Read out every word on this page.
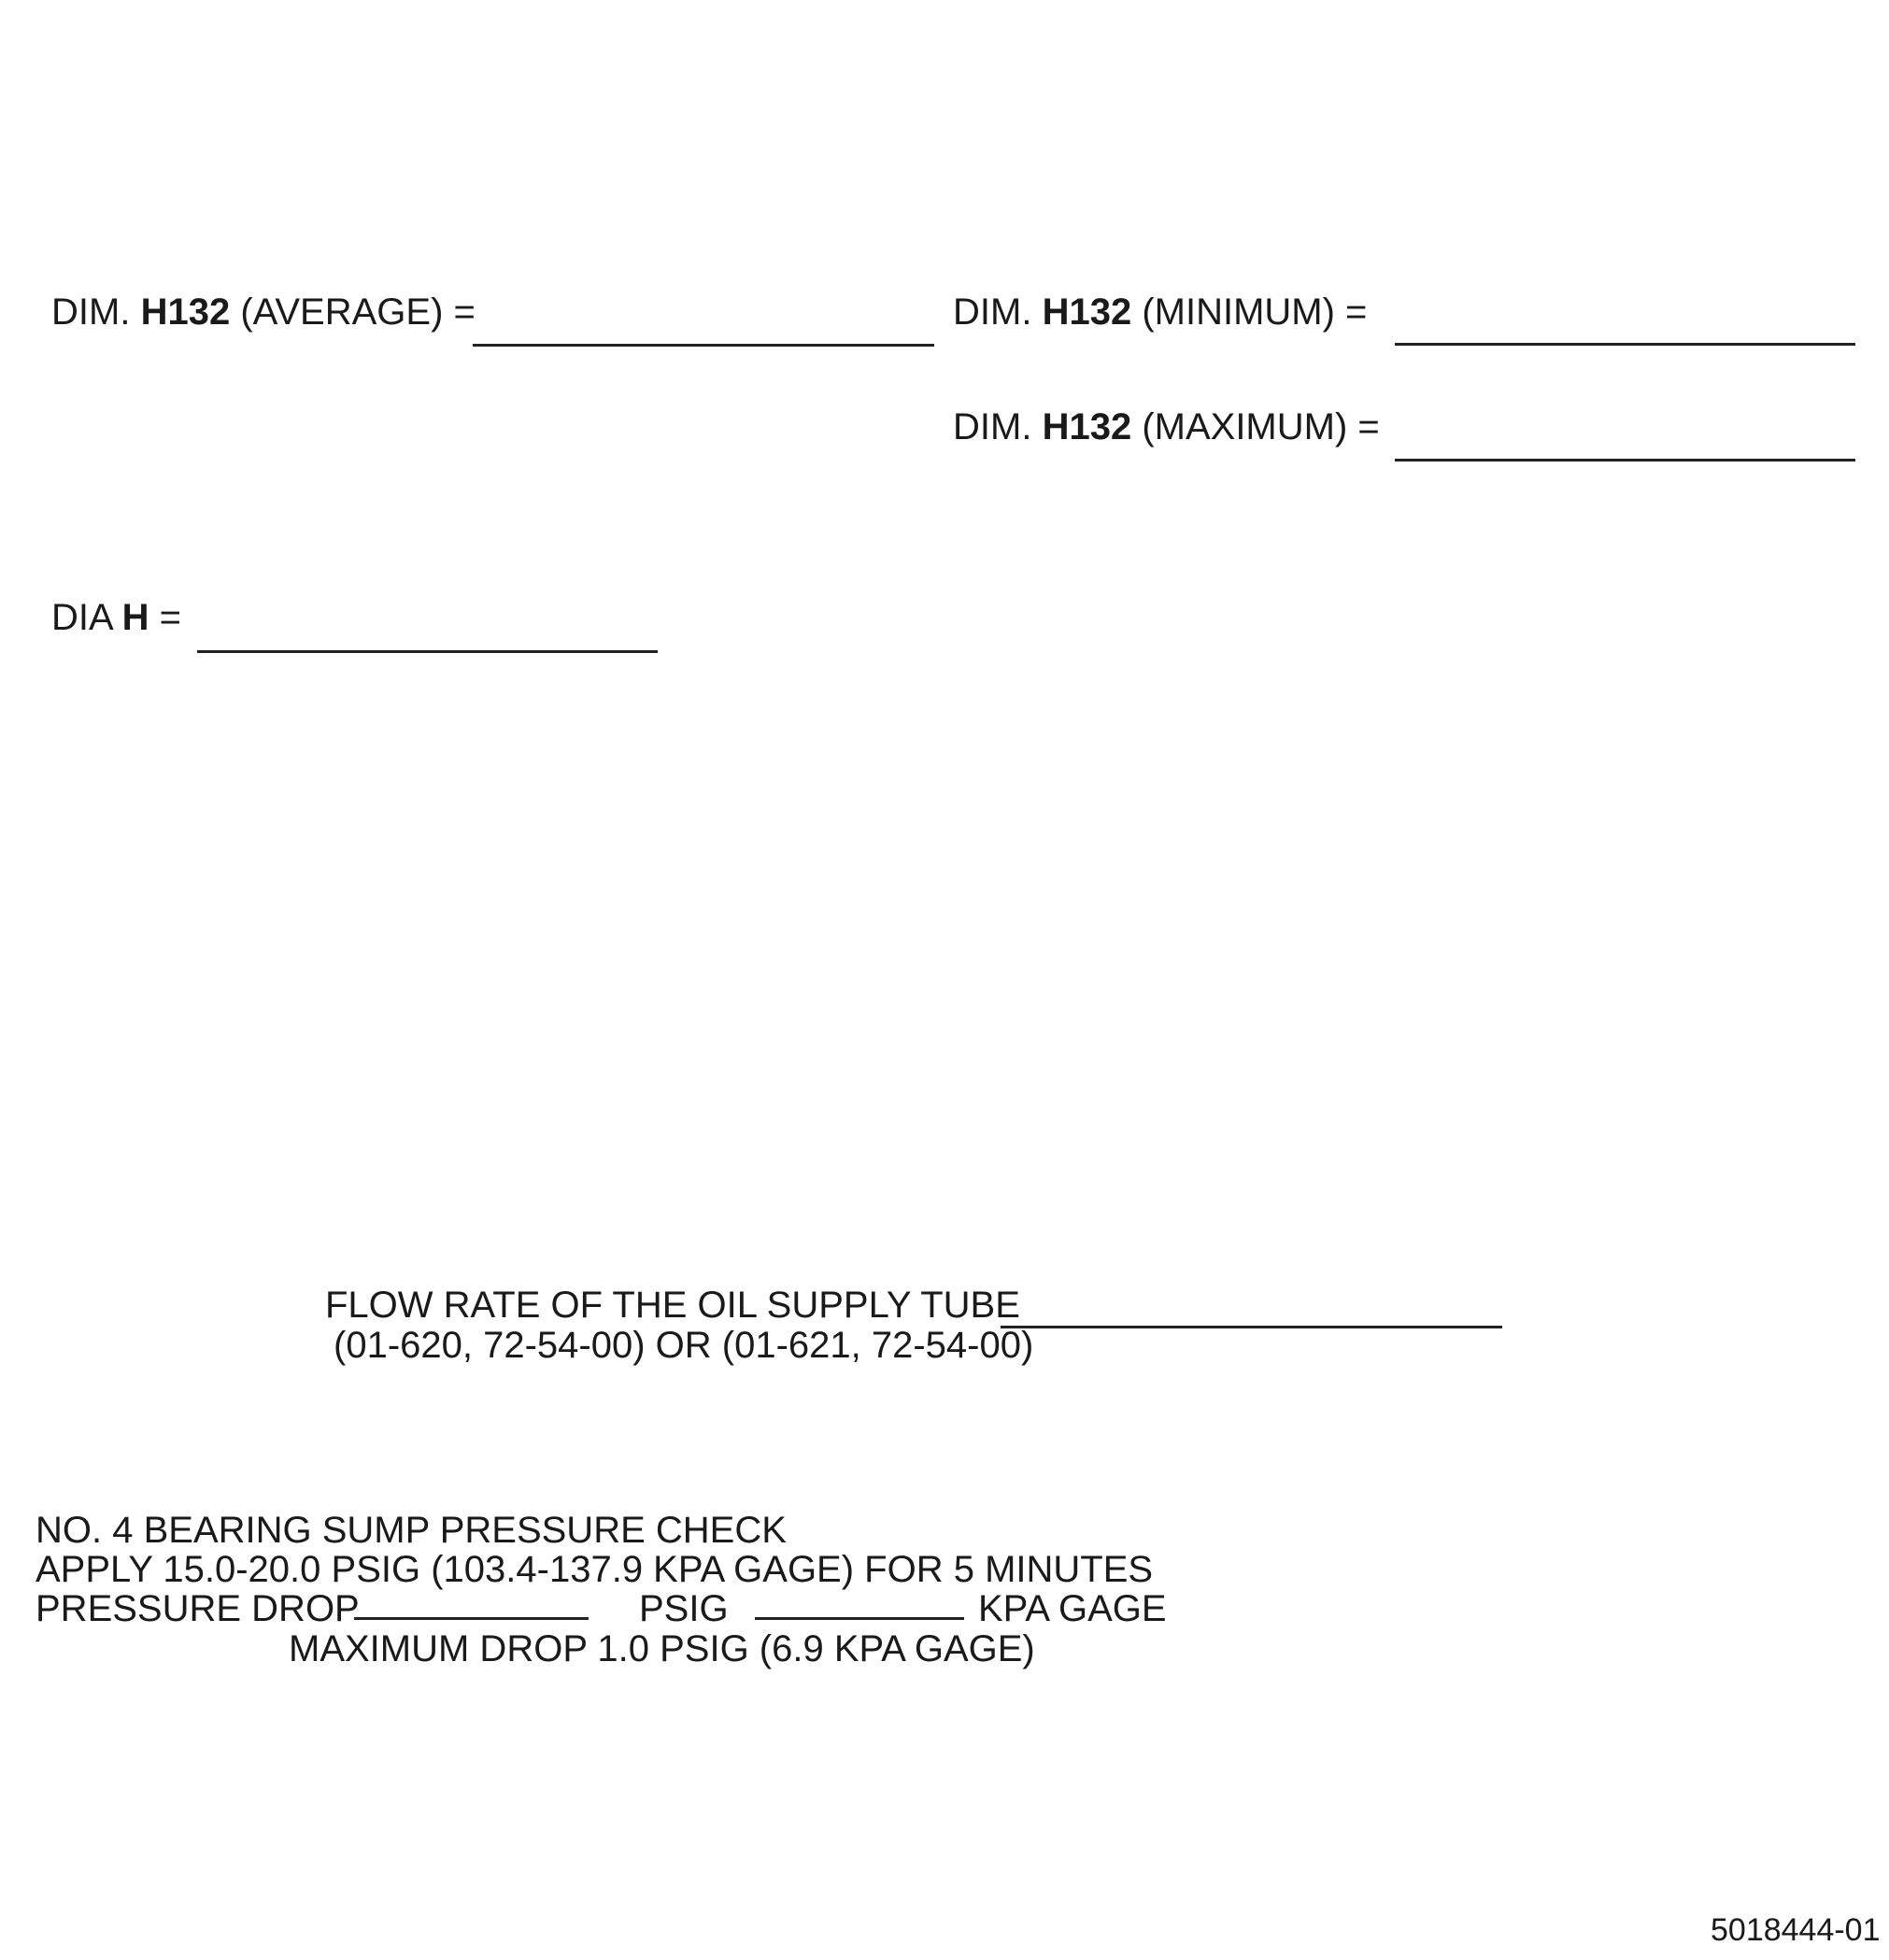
DIM. H132 (AVERAGE) =	DIM. H132 (MINIMUM) =
DIM. H132 (MAXIMUM) =
DIA H =
FLOW RATE OF THE OIL SUPPLY TUBE
(01-620, 72-54-00) OR (01-621, 72-54-00)
NO. 4 BEARING SUMP PRESSURE CHECK
APPLY 15.0-20.0 PSIG (103.4-137.9 KPA GAGE) FOR 5 MINUTES
PRESSURE DROP	PSIG	KPA GAGE
MAXIMUM DROP 1.0 PSIG (6.9 KPA GAGE)
5018444-01
